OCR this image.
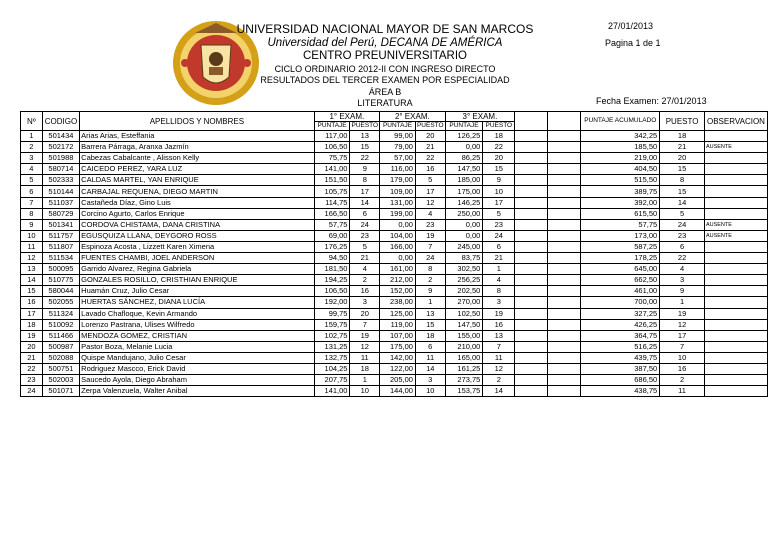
UNIVERSIDAD NACIONAL MAYOR DE SAN MARCOS
Universidad del Perú, DECANA DE AMÉRICA
CENTRO PREUNIVERSITARIO
CICLO ORDINARIO 2012-II CON INGRESO DIRECTO
RESULTADOS DEL TERCER EXAMEN POR ESPECIALIDAD
ÁREA B
LITERATURA
27/01/2013
Pagina 1 de 1
Fecha Examen: 27/01/2013
Nº	CODIGO	APELLIDOS Y NOMBRES	1° EXAM.		2° EXAM.		3° EXAM.				PUNTAJE ACUMULADO	PUESTO	OBSERVACION
			PUNTAJE	PUESTO	PUNTAJE	PUESTO	PUNTAJE	PUESTO					
1	501434	Arias Arias, Esteffania	117,00	13	99,00	20	126,25	18			342,25	18	
2	502172	Barrera Párraga, Aranxa Jazmín	106,50	15	79,00	21	0,00	22			185,50	21	AUSENTE
3	501988	Cabezas Cabalcante , Alisson Kelly	75,75	22	57,00	22	86,25	20			219,00	20	
4	580714	CAICEDO PEREZ, YARA LUZ	141,00	9	116,00	16	147,50	15			404,50	15	
5	502333	CALDAS MARTEL, YAN ENRIQUE	151,50	8	179,00	5	185,00	9			515,50	8	
6	510144	CARBAJAL REQUENA, DIEGO MARTIN	105,75	17	109,00	17	175,00	10			389,75	15	
7	511037	Castañeda Díaz, Gino Luis	114,75	14	131,00	12	146,25	17			392,00	14	
8	580729	Corcino Agurto, Carlos Enrique	166,50	6	199,00	4	250,00	5			615,50	5	
9	501341	CORDOVA CHISTAMA, DANA CRISTINA	57,75	24	0,00	23	0,00	23			57,75	24	AUSENTE
10	511757	EGUSQUIZA LLANA, DEYGORO ROSS	69,00	23	104,00	19	0,00	24			173,00	23	AUSENTE
11	511807	Espinoza Acosta , Lizzett Karen Ximena	176,25	5	166,00	7	245,00	6			587,25	6	
12	511534	FUENTES CHAMBI, JOEL ANDERSON	94,50	21	0,00	24	83,75	21			178,25	22	
13	500095	Garrido Alvarez, Regina Gabriela	181,50	4	161,00	8	302,50	1			645,00	4	
14	510775	GONZALES ROSILLO, CRISTHIAN ENRIQUE	194,25	2	212,00	2	256,25	4			662,50	3	
15	580044	Huamán Cruz, Julio Cesar	106,50	16	152,00	9	202,50	8			461,00	9	
16	502055	HUERTAS SÁNCHEZ, DIANA LUCÍA	192,00	3	238,00	1	270,00	3			700,00	1	
17	511324	Lavado Chafloque, Kevin Armando	99,75	20	125,00	13	102,50	19			327,25	19	
18	510092	Lorenzo Pastrana, Ulises Wilfredo	159,75	7	119,00	15	147,50	16			426,25	12	
19	511466	MENDOZA GOMEZ, CRISTIAN	102,75	19	107,00	18	155,00	13			364,75	17	
20	500987	Pastor Boza, Melanie Lucia	131,25	12	175,00	6	210,00	7			516,25	7	
21	502088	Quispe Mandujano, Julio Cesar	132,75	11	142,00	11	165,00	11			439,75	10	
22	500751	Rodriguez Mascco, Erick David	104,25	18	122,00	14	161,25	12			387,50	16	
23	502003	Saucedo Ayola, Diego Abraham	207,75	1	205,00	3	273,75	2			686,50	2	
24	501071	Zerpa Valenzuela, Walter Anibal	141,00	10	144,00	10	153,75	14			438,75	11	
